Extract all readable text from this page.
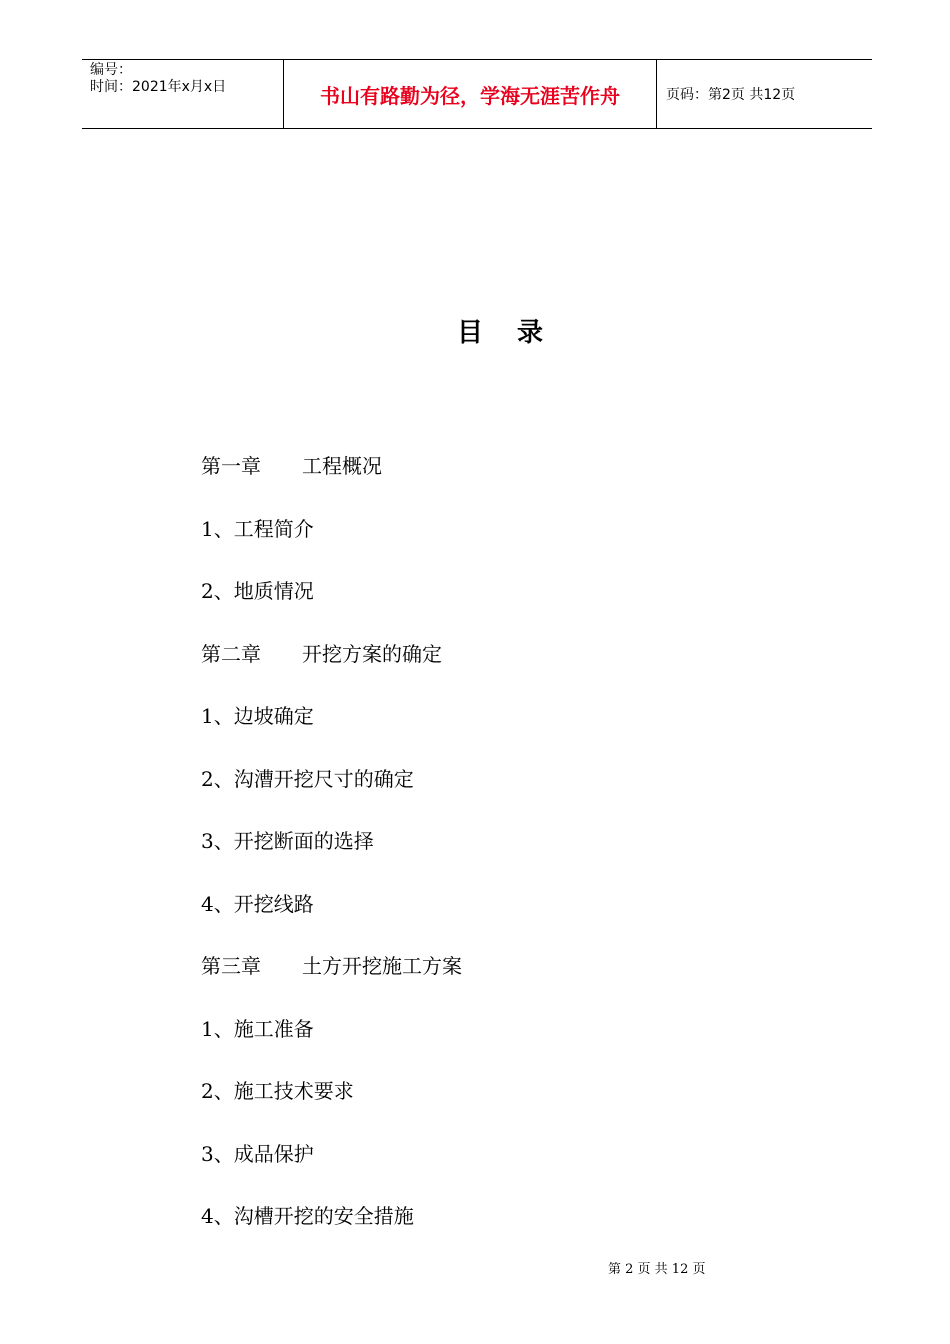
编号：
时间：2021年x月x日	书山有路勤为径，学海无涯苦作舟	页码：第2页 共12页
目 录
第一章 工程概况
1、工程简介
2、地质情况
第二章 开挖方案的确定
1、边坡确定
2、沟漕开挖尺寸的确定
3、开挖断面的选择
4、开挖线路
第三章 土方开挖施工方案
1、施工准备
2、施工技术要求
3、成品保护
4、沟槽开挖的安全措施
第 2 页 共 12 页
